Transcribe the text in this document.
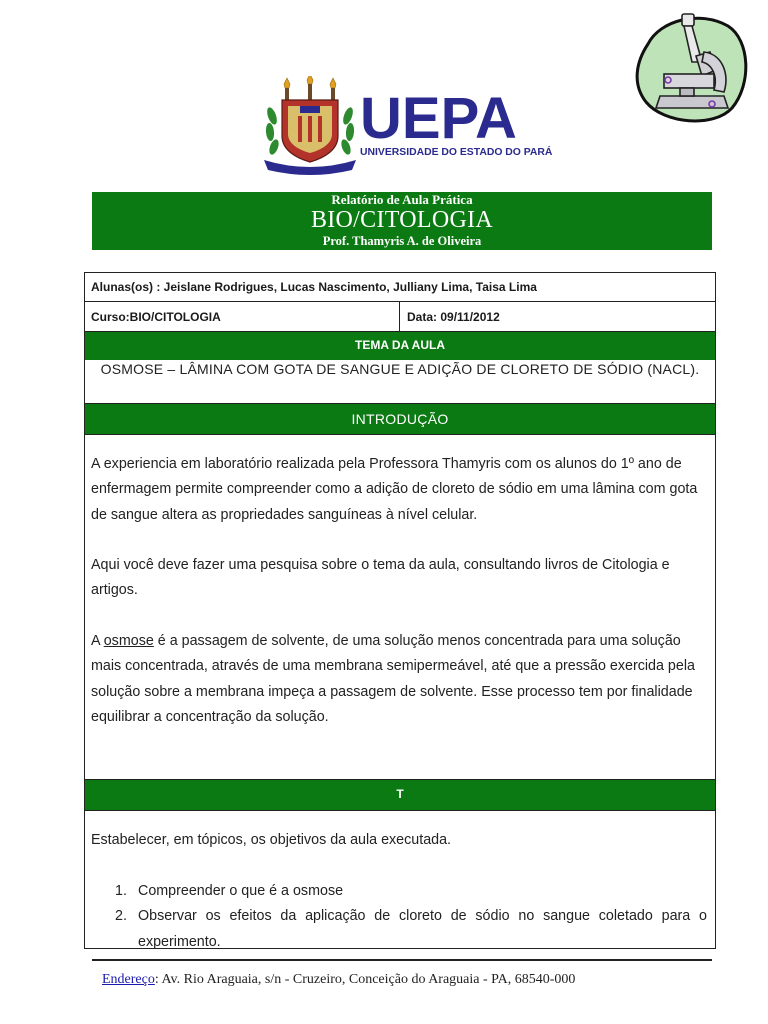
UEPA
UNIVERSIDADE DO ESTADO DO PARÁ
Relatório de Aula Prática
BIO/CITOLOGIA
Prof. Thamyris A. de Oliveira
Alunas(os) : Jeislane Rodrigues, Lucas Nascimento, Julliany Lima, Taisa Lima
Curso:BIO/CITOLOGIA	Data: 09/11/2012
TEMA DA AULA
OSMOSE – LÂMINA COM GOTA DE SANGUE E ADIÇÃO DE CLORETO DE SÓDIO (NACL).
INTRODUÇÃO
A experiencia em laboratório realizada pela Professora Thamyris com os alunos do 1º ano de enfermagem permite compreender como a adição de cloreto de sódio em uma lâmina com gota de sangue altera as propriedades sanguíneas à nível celular.
Aqui você deve fazer uma pesquisa sobre o tema da aula, consultando livros de Citologia e artigos.
A osmose é a passagem de solvente, de uma solução menos concentrada para uma solução mais concentrada, através de uma membrana semipermeável, até que a pressão exercida pela solução sobre a membrana impeça a passagem de solvente. Esse processo tem por finalidade equilibrar a concentração da solução.
T
Estabelecer, em tópicos, os objetivos da aula executada.
1. Compreender o que é a osmose
2. Observar os efeitos da aplicação de cloreto de sódio no sangue coletado para o experimento.
Endereço: Av. Rio Araguaia, s/n - Cruzeiro, Conceição do Araguaia - PA, 68540-000
